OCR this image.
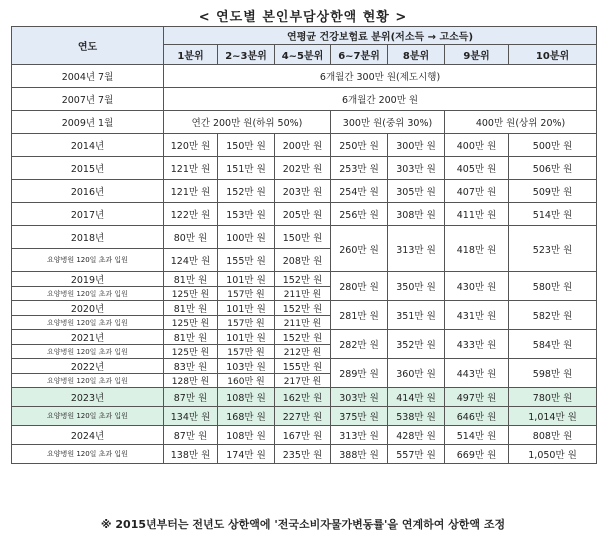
< 연도별 본인부담상한액 현황 >
연도	연평균 건강보험료 분위(저소득 → 고소득)						
	1분위	2~3분위	4~5분위	6~7분위	8분위	9분위	10분위
2004년 7월	6개월간 300만 원(제도시행)						
2007년 7월	6개월간 200만 원						
2009년 1월	연간 200만 원(하위 50%)			300만 원(중위 30%)		400만 원(상위 20%)	
2014년	120만 원	150만 원	200만 원	250만 원	300만 원	400만 원	500만 원
2015년	121만 원	151만 원	202만 원	253만 원	303만 원	405만 원	506만 원
2016년	121만 원	152만 원	203만 원	254만 원	305만 원	407만 원	509만 원
2017년	122만 원	153만 원	205만 원	256만 원	308만 원	411만 원	514만 원
2018년	80만 원	100만 원	150만 원	260만 원	313만 원	418만 원	523만 원
요양병원 120일 초과 입원	124만 원	155만 원	208만 원				
2019년	81만 원	101만 원	152만 원	280만 원	350만 원	430만 원	580만 원
요양병원 120일 초과 입원	125만 원	157만 원	211만 원				
2020년	81만 원	101만 원	152만 원	281만 원	351만 원	431만 원	582만 원
요양병원 120일 초과 입원	125만 원	157만 원	211만 원				
2021년	81만 원	101만 원	152만 원	282만 원	352만 원	433만 원	584만 원
요양병원 120일 초과 입원	125만 원	157만 원	212만 원				
2022년	83만 원	103만 원	155만 원	289만 원	360만 원	443만 원	598만 원
요양병원 120일 초과 입원	128만 원	160만 원	217만 원				
2023년	87만 원	108만 원	162만 원	303만 원	414만 원	497만 원	780만 원
요양병원 120일 초과 입원	134만 원	168만 원	227만 원	375만 원	538만 원	646만 원	1,014만 원
2024년	87만 원	108만 원	167만 원	313만 원	428만 원	514만 원	808만 원
요양병원 120일 초과 입원	138만 원	174만 원	235만 원	388만 원	557만 원	669만 원	1,050만 원
※ 2015년부터는 전년도 상한액에 '전국소비자물가변동률'을 연계하여 상한액 조정
